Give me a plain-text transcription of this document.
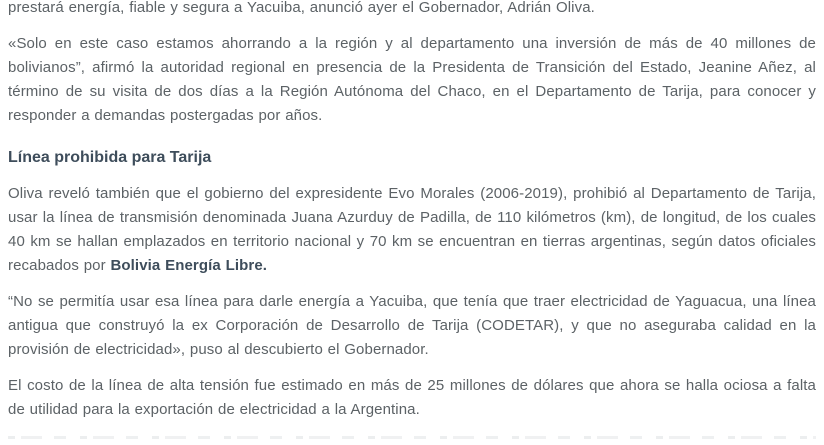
prestará energía, fiable y segura a Yacuiba, anunció ayer el Gobernador, Adrián Oliva.

«Solo en este caso estamos ahorrando a la región y al departamento una inversión de más de 40 millones de bolivianos”, afirmó la autoridad regional en presencia de la Presidenta de Transición del Estado, Jeanine Añez, al término de su visita de dos días a la Región Autónoma del Chaco, en el Departamento de Tarija, para conocer y responder a demandas postergadas por años.

Línea prohibida para Tarija

Oliva reveló también que el gobierno del expresidente Evo Morales (2006-2019), prohibió al Departamento de Tarija, usar la línea de transmisión denominada Juana Azurduy de Padilla, de 110 kilómetros (km), de longitud, de los cuales 40 km se hallan emplazados en territorio nacional y 70 km se encuentran en tierras argentinas, según datos oficiales recabados por Bolivia Energía Libre.

“No se permitía usar esa línea para darle energía a Yacuiba, que tenía que traer electricidad de Yaguacua, una línea antigua que construyó la ex Corporación de Desarrollo de Tarija (CODETAR), y que no aseguraba calidad en la provisión de electricidad», puso al descubierto el Gobernador.

El costo de la línea de alta tensión fue estimado en más de 25 millones de dólares que ahora se halla ociosa a falta de utilidad para la exportación de electricidad a la Argentina.
